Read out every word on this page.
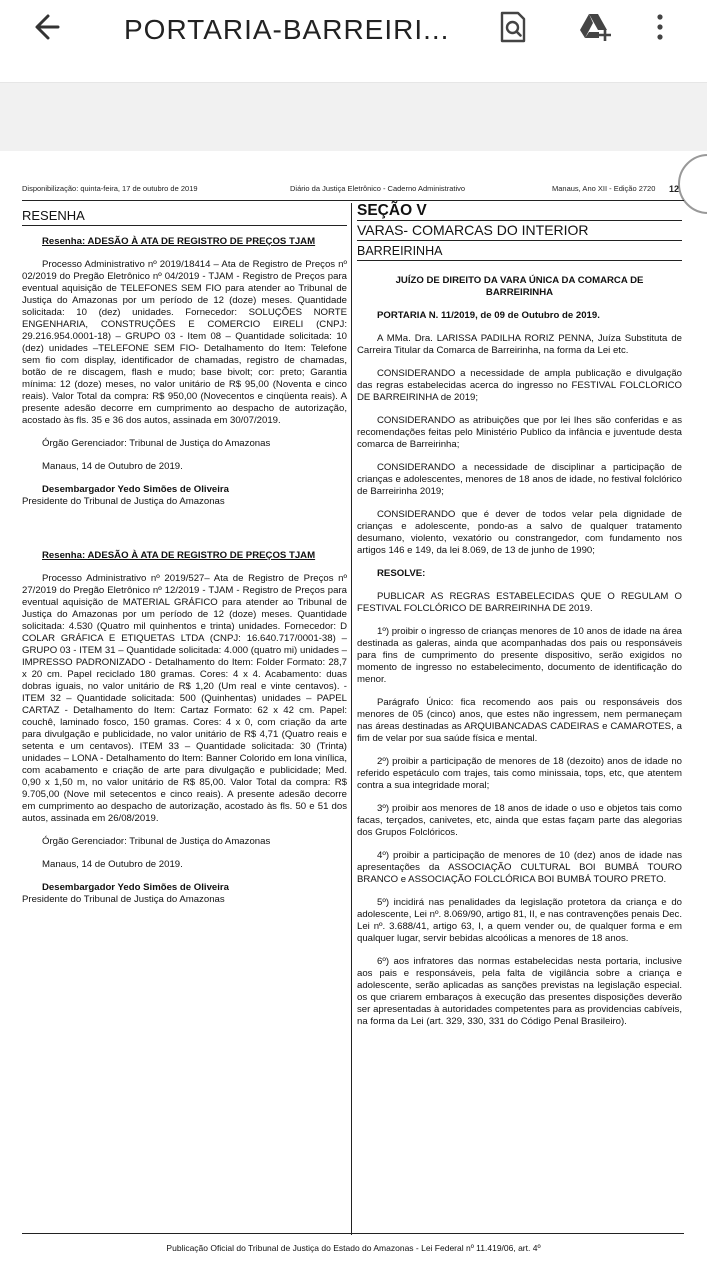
PORTARIA-BARREIRI...
Disponibilização: quinta-feira, 17 de outubro de 2019	Diário da Justiça Eletrônico - Caderno Administrativo	Manaus, Ano XII - Edição 2720 12
RESENHA

Resenha: ADESÃO À ATA DE REGISTRO DE PREÇOS TJAM

Processo Administrativo nº 2019/18414 – Ata de Registro de Preços nº 02/2019 do Pregão Eletrônico nº 04/2019 - TJAM - Registro de Preços para eventual aquisição de TELEFONES SEM FIO para atender ao Tribunal de Justiça do Amazonas por um período de 12 (doze) meses. Quantidade solicitada: 10 (dez) unidades. Fornecedor: SOLUÇÕES NORTE ENGENHARIA, CONSTRUÇÕES E COMERCIO EIRELI (CNPJ: 29.216.954.0001-18) – GRUPO 03 - Item 08 – Quantidade solicitada: 10 (dez) unidades –TELEFONE SEM FIO- Detalhamento do Item: Telefone sem fio com display, identificador de chamadas, registro de chamadas, botão de re discagem, flash e mudo; base bivolt; cor: preto; Garantia mínima: 12 (doze) meses, no valor unitário de R$ 95,00 (Noventa e cinco reais). Valor Total da compra: R$ 950,00 (Novecentos e cinqüenta reais). A presente adesão decorre em cumprimento ao despacho de autorização, acostado às fls. 35 e 36 dos autos, assinada em 30/07/2019.

Órgão Gerenciador: Tribunal de Justiça do Amazonas

Manaus, 14 de Outubro de 2019.

Desembargador Yedo Simões de Oliveira
Presidente do Tribunal de Justiça do Amazonas

Resenha: ADESÃO À ATA DE REGISTRO DE PREÇOS TJAM

Processo Administrativo nº 2019/527– Ata de Registro de Preços nº 27/2019 do Pregão Eletrônico nº 12/2019 - TJAM - Registro de Preços para eventual aquisição de MATERIAL GRÁFICO para atender ao Tribunal de Justiça do Amazonas por um período de 12 (doze) meses. Quantidade solicitada: 4.530 (Quatro mil quinhentos e trinta) unidades. Fornecedor: D COLAR GRÁFICA E ETIQUETAS LTDA (CNPJ: 16.640.717/0001-38) – GRUPO 03 - ITEM 31 – Quantidade solicitada: 4.000 (quatro mi) unidades – IMPRESSO PADRONIZADO - Detalhamento do Item: Folder Formato: 28,7 x 20 cm. Papel reciclado 180 gramas. Cores: 4 x 4. Acabamento: duas dobras iguais, no valor unitário de R$ 1,20 (Um real e vinte centavos). - ITEM 32 – Quantidade solicitada: 500 (Quinhentas) unidades – PAPEL CARTAZ - Detalhamento do Item: Cartaz Formato: 62 x 42 cm. Papel: couchê, laminado fosco, 150 gramas. Cores: 4 x 0, com criação da arte para divulgação e publicidade, no valor unitário de R$ 4,71 (Quatro reais e setenta e um centavos). ITEM 33 – Quantidade solicitada: 30 (Trinta) unidades – LONA - Detalhamento do Item: Banner Colorido em lona vinílica, com acabamento e criação de arte para divulgação e publicidade; Med. 0,90 x 1,50 m, no valor unitário de R$ 85,00. Valor Total da compra: R$ 9.705,00 (Nove mil setecentos e cinco reais). A presente adesão decorre em cumprimento ao despacho de autorização, acostado às fls. 50 e 51 dos autos, assinada em 26/08/2019.

Órgão Gerenciador: Tribunal de Justiça do Amazonas

Manaus, 14 de Outubro de 2019.

Desembargador Yedo Simões de Oliveira
Presidente do Tribunal de Justiça do Amazonas
SEÇÃO V
VARAS- COMARCAS DO INTERIOR
BARREIRINHA

JUÍZO DE DIREITO DA VARA ÚNICA DA COMARCA DE BARREIRINHA

PORTARIA N. 11/2019, de 09 de Outubro de 2019.

A MMa. Dra. LARISSA PADILHA RORIZ PENNA, Juíza Substituta de Carreira Titular da Comarca de Barreirinha, na forma da Lei etc.

CONSIDERANDO a necessidade de ampla publicação e divulgação das regras estabelecidas acerca do ingresso no FESTIVAL FOLCLORICO DE BARREIRINHA de 2019;

CONSIDERANDO as atribuições que por lei lhes são conferidas e as recomendações feitas pelo Ministério Publico da infância e juventude desta comarca de Barreirinha;

CONSIDERANDO a necessidade de disciplinar a participação de crianças e adolescentes, menores de 18 anos de idade, no festival folclórico de Barreirinha 2019;

CONSIDERANDO que é dever de todos velar pela dignidade de crianças e adolescente, pondo-as a salvo de qualquer tratamento desumano, violento, vexatório ou constrangedor, com fundamento nos artigos 146 e 149, da lei 8.069, de 13 de junho de 1990;

RESOLVE:

PUBLICAR AS REGRAS ESTABELECIDAS QUE O REGULAM O FESTIVAL FOLCLÓRICO DE BARREIRINHA DE 2019.

1º) proibir o ingresso de crianças menores de 10 anos de idade na área destinada as galeras, ainda que acompanhadas dos pais ou responsáveis para fins de cumprimento do presente dispositivo, serão exigidos no momento de ingresso no estabelecimento, documento de identificação do menor.

Parágrafo Único: fica recomendo aos pais ou responsáveis dos menores de 05 (cinco) anos, que estes não ingressem, nem permaneçam nas áreas destinadas as ARQUIBANCADAS CADEIRAS e CAMAROTES, a fim de velar por sua saúde física e mental.

2º) proibir a participação de menores de 18 (dezoito) anos de idade no referido espetáculo com trajes, tais como minissaia, tops, etc, que atentem contra a sua integridade moral;

3º) proibir aos menores de 18 anos de idade o uso e objetos tais como facas, terçados, canivetes, etc, ainda que estas façam parte das alegorias dos Grupos Folclóricos.

4º) proibir a participação de menores de 10 (dez) anos de idade nas apresentações da ASSOCIAÇÃO CULTURAL BOI BUMBÁ TOURO BRANCO e ASSOCIAÇÃO FOLCLÓRICA BOI BUMBÁ TOURO PRETO.

5º) incidirá nas penalidades da legislação protetora da criança e do adolescente, Lei nº. 8.069/90, artigo 81, II, e nas contravenções penais Dec. Lei nº. 3.688/41, artigo 63, I, a quem vender ou, de qualquer forma e em qualquer lugar, servir bebidas alcoólicas a menores de 18 anos.

6º) aos infratores das normas estabelecidas nesta portaria, inclusive aos pais e responsáveis, pela falta de vigilância sobre a criança e adolescente, serão aplicadas as sanções previstas na legislação especial. os que criarem embaraços à execução das presentes disposições deverão ser apresentadas à autoridades competentes para as providencias cabíveis, na forma da Lei (art. 329, 330, 331 do Código Penal Brasileiro).

Publicação Oficial do Tribunal de Justiça do Estado do Amazonas - Lei Federal nº 11.419/06, art. 4º
